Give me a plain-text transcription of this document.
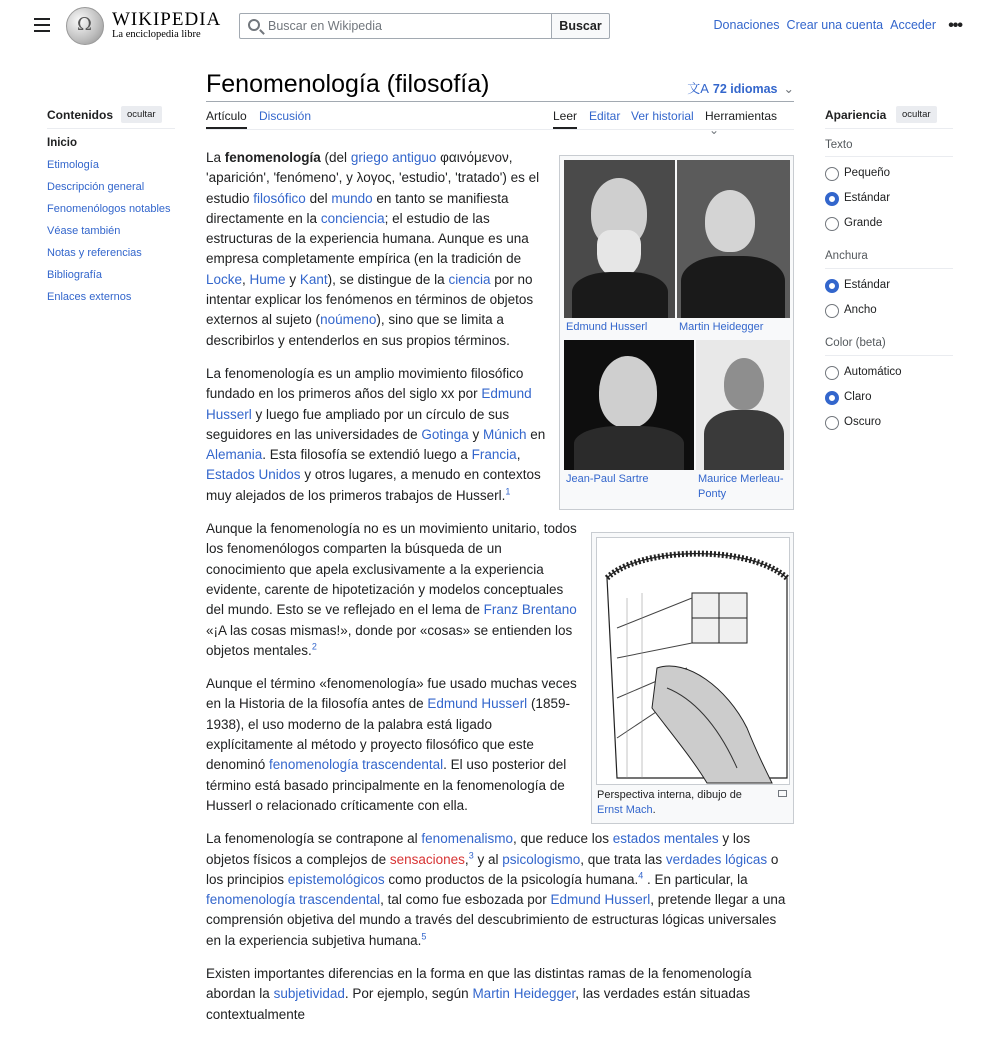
Ω
WIKIPEDIA
La enciclopedia libre
Buscar en Wikipedia
Buscar	Donaciones Crear una cuenta Acceder •••
Fenomenología (filosofía)	文A 72 idiomas ⌄
Artículo Discusión	Leer Editar Ver historial Herramientas ⌄
Contenidos	ocultar
Inicio
Etimología
Descripción general
Fenomenólogos notables
Véase también
Notas y referencias
Bibliografía
Enlaces externos
Apariencia	ocultar
Texto
Pequeño
Estándar
Grande
Anchura
Estándar
Ancho
Color (beta)
Automático
Claro
Oscuro

La fenomenología (del griego antiguo φαινόμενον, 'aparición', 'fenómeno', y λογος, 'estudio', 'tratado') es el estudio filosófico del mundo en tanto se manifiesta directamente en la conciencia; el estudio de las estructuras de la experiencia humana. Aunque es una empresa completamente empírica (en la tradición de Locke, Hume y Kant), se distingue de la ciencia por no intentar explicar los fenómenos en términos de objetos externos al sujeto (noúmeno), sino que se limita a describirlos y entenderlos en sus propios términos.

La fenomenología es un amplio movimiento filosófico fundado en los primeros años del siglo xx por Edmund Husserl y luego fue ampliado por un círculo de sus seguidores en las universidades de Gotinga y Múnich en Alemania. Esta filosofía se extendió luego a Francia, Estados Unidos y otros lugares, a menudo en contextos muy alejados de los primeros trabajos de Husserl.$^1$

Aunque la fenomenología no es un movimiento unitario, todos los fenomenólogos comparten la búsqueda de un conocimiento que apela exclusivamente a la experiencia evidente, carente de hipotetización y modelos conceptuales del mundo. Esto se ve reflejado en el lema de Franz Brentano «¡A las cosas mismas!», donde por «cosas» se entienden los objetos mentales.$^2$

Aunque el término «fenomenología» fue usado muchas veces en la Historia de la filosofía antes de Edmund Husserl (1859-1938), el uso moderno de la palabra está ligado explícitamente al método y proyecto filosófico que este denominó fenomenología trascendental. El uso posterior del término está basado principalmente en la fenomenología de Husserl o relacionado críticamente con ella.

La fenomenología se contrapone al fenomenalismo, que reduce los estados mentales y los objetos físicos a complejos de sensaciones,$^3$ y al psicologismo, que trata las verdades lógicas o los principios epistemológicos como productos de la psicología humana.$^4$ . En particular, la fenomenología trascendental, tal como fue esbozada por Edmund Husserl, pretende llegar a una comprensión objetiva del mundo a través del descubrimiento de estructuras lógicas universales en la experiencia subjetiva humana.$^5$

Existen importantes diferencias en la forma en que las distintas ramas de la fenomenología abordan la subjetividad. Por ejemplo, según Martin Heidegger, las verdades están situadas contextualmente

Edmund Husserl	Martin Heidegger
Jean-Paul Sartre	Maurice Merleau-Ponty
Perspectiva interna, dibujo de Ernst Mach.
